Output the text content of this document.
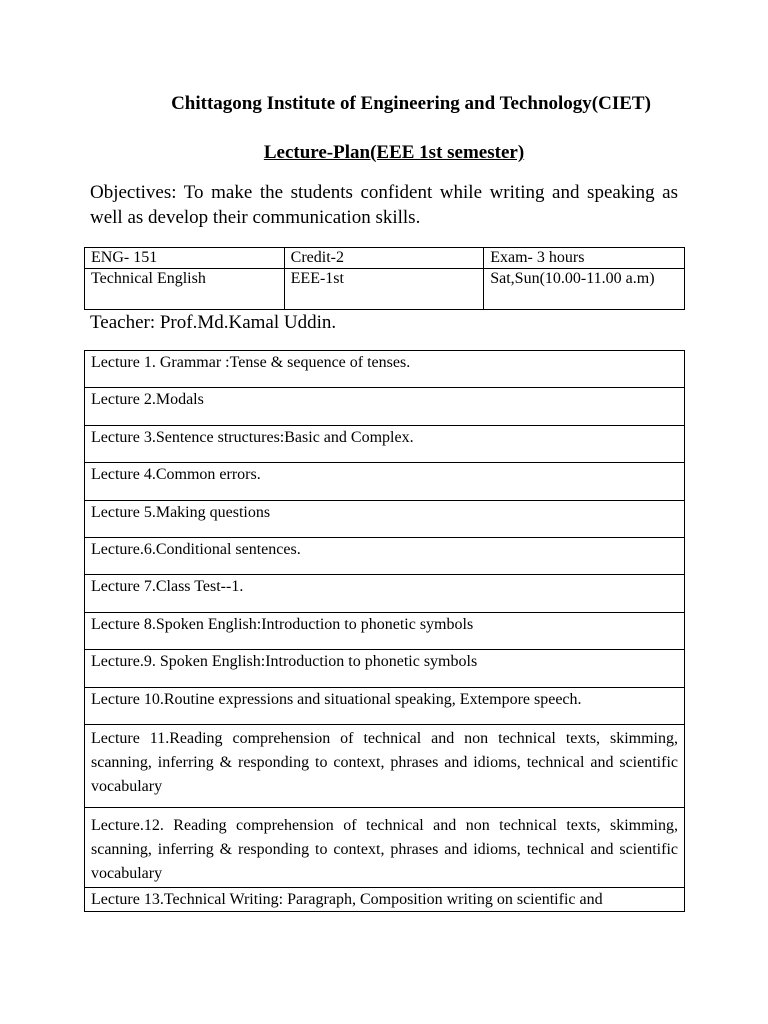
Chittagong Institute of Engineering and Technology(CIET)
Lecture-Plan(EEE 1st semester)
Objectives: To make the students confident while writing and speaking as well as develop their communication skills.
ENG- 151	Credit-2	Exam- 3 hours
Technical English	EEE-1st	Sat,Sun(10.00-11.00 a.m)
Teacher: Prof.Md.Kamal Uddin.
Lecture 1. Grammar :Tense & sequence of tenses.
Lecture 2.Modals
Lecture 3.Sentence structures:Basic and Complex.
Lecture 4.Common errors.
Lecture 5.Making questions
Lecture.6.Conditional sentences.
Lecture 7.Class Test--1.
Lecture 8.Spoken English:Introduction to phonetic symbols
Lecture.9. Spoken English:Introduction to phonetic symbols
Lecture 10.Routine expressions and situational speaking, Extempore speech.
Lecture 11.Reading comprehension of technical and non technical texts, skimming, scanning, inferring & responding to context, phrases and idioms, technical and scientific vocabulary
Lecture.12. Reading comprehension of technical and non technical texts, skimming, scanning, inferring & responding to context, phrases and idioms, technical and scientific vocabulary
Lecture 13.Technical Writing: Paragraph, Composition writing on scientific and
